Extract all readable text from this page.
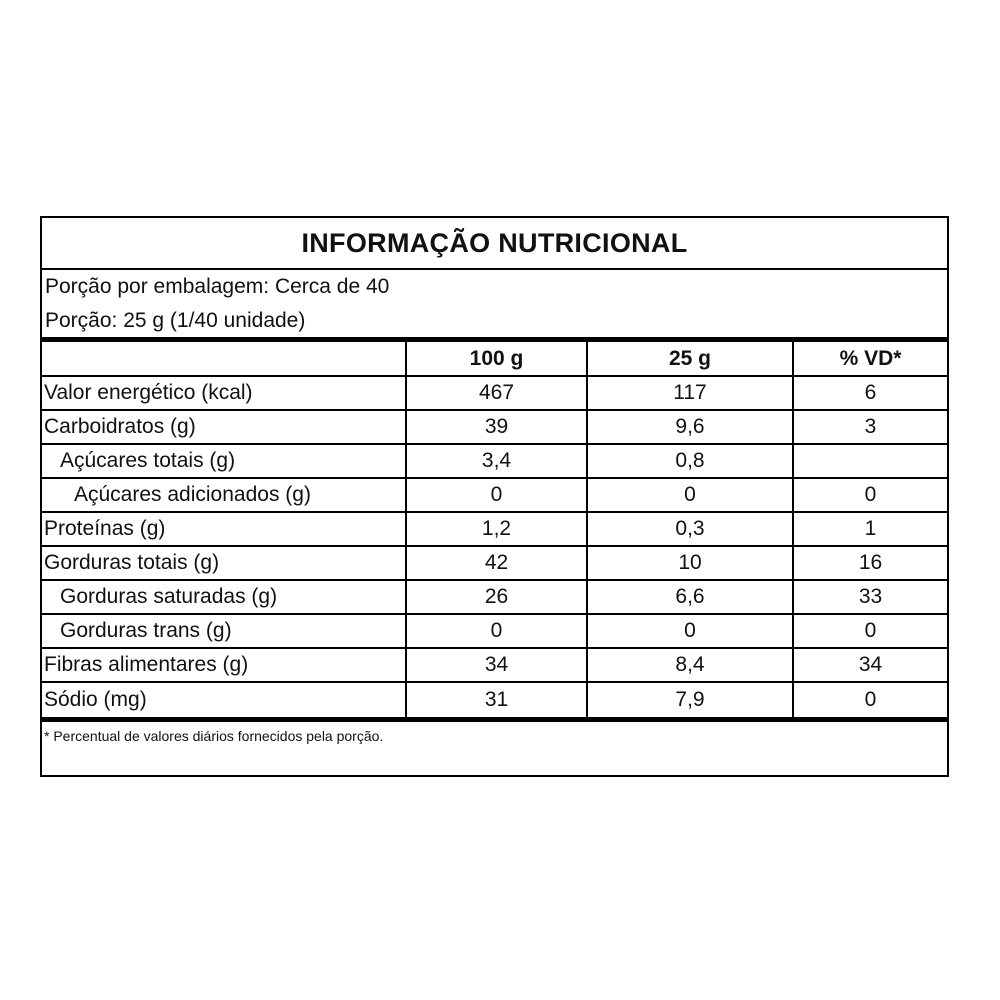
INFORMAÇÃO NUTRICIONAL
Porção por embalagem: Cerca de 40
Porção: 25 g (1/40 unidade)
	100 g	25 g	% VD*
Valor energético (kcal)	467	117	6
Carboidratos (g)	39	9,6	3
Açúcares totais (g)	3,4	0,8	
Açúcares adicionados (g)	0	0	0
Proteínas (g)	1,2	0,3	1
Gorduras totais (g)	42	10	16
Gorduras saturadas (g)	26	6,6	33
Gorduras trans (g)	0	0	0
Fibras alimentares (g)	34	8,4	34
Sódio (mg)	31	7,9	0
* Percentual de valores diários fornecidos pela porção.
